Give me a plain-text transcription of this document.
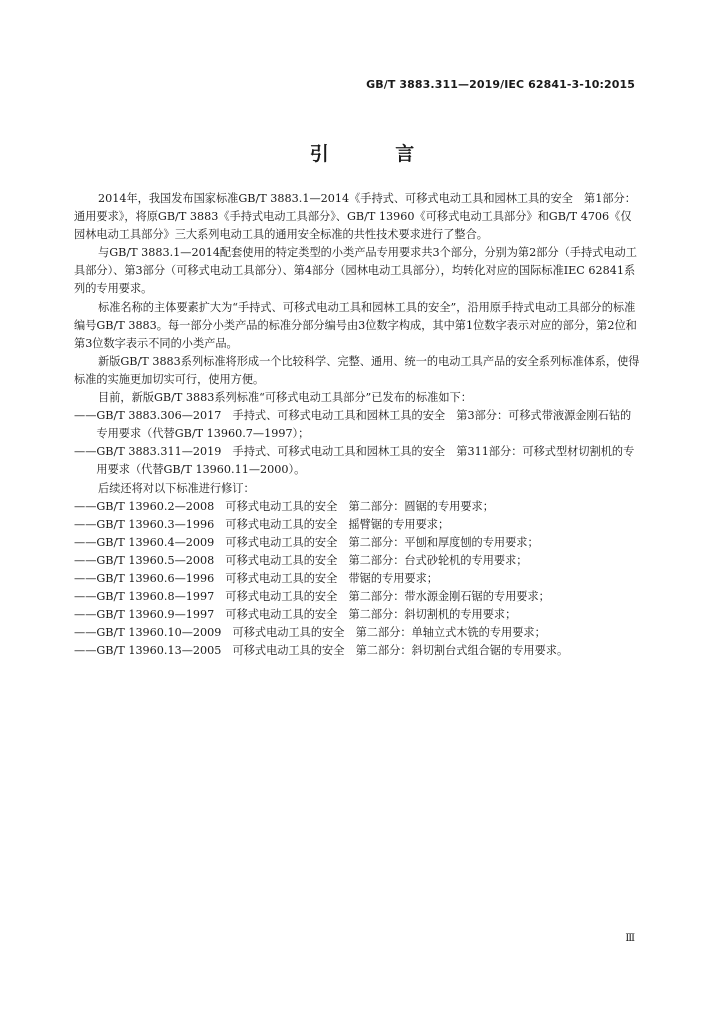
GB/T 3883.311—2019/IEC 62841-3-10:2015
引 言

2014年，我国发布国家标准GB/T 3883.1—2014《手持式、可移式电动工具和园林工具的安全　第1部分：通用要求》，将原GB/T 3883《手持式电动工具部分》、GB/T 13960《可移式电动工具部分》和GB/T 4706《仅园林电动工具部分》三大系列电动工具的通用安全标准的共性技术要求进行了整合。

与GB/T 3883.1—2014配套使用的特定类型的小类产品专用要求共3个部分，分别为第2部分（手持式电动工具部分）、第3部分（可移式电动工具部分）、第4部分（园林电动工具部分），均转化对应的国际标准IEC 62841系列的专用要求。

标准名称的主体要素扩大为“手持式、可移式电动工具和园林工具的安全”，沿用原手持式电动工具部分的标准编号GB/T 3883。每一部分小类产品的标准分部分编号由3位数字构成，其中第1位数字表示对应的部分，第2位和第3位数字表示不同的小类产品。

新版GB/T 3883系列标准将形成一个比较科学、完整、通用、统一的电动工具产品的安全系列标准体系，使得标准的实施更加切实可行，使用方便。

目前，新版GB/T 3883系列标准“可移式电动工具部分”已发布的标准如下：

—— GB/T 3883.306—2017　手持式、可移式电动工具和园林工具的安全　第3部分：可移式带液源金刚石钻的专用要求（代替GB/T 13960.7—1997）；
—— GB/T 3883.311—2019　手持式、可移式电动工具和园林工具的安全　第311部分：可移式型材切割机的专用要求（代替GB/T 13960.11—2000）。

后续还将对以下标准进行修订：

—— GB/T 13960.2—2008　可移式电动工具的安全　第二部分：圆锯的专用要求；
—— GB/T 13960.3—1996　可移式电动工具的安全　摇臂锯的专用要求；
—— GB/T 13960.4—2009　可移式电动工具的安全　第二部分：平刨和厚度刨的专用要求；
—— GB/T 13960.5—2008　可移式电动工具的安全　第二部分：台式砂轮机的专用要求；
—— GB/T 13960.6—1996　可移式电动工具的安全　带锯的专用要求；
—— GB/T 13960.8—1997　可移式电动工具的安全　第二部分：带水源金刚石锯的专用要求；
—— GB/T 13960.9—1997　可移式电动工具的安全　第二部分：斜切割机的专用要求；
—— GB/T 13960.10—2009　可移式电动工具的安全　第二部分：单轴立式木铣的专用要求；
—— GB/T 13960.13—2005　可移式电动工具的安全　第二部分：斜切割台式组合锯的专用要求。
Ⅲ
